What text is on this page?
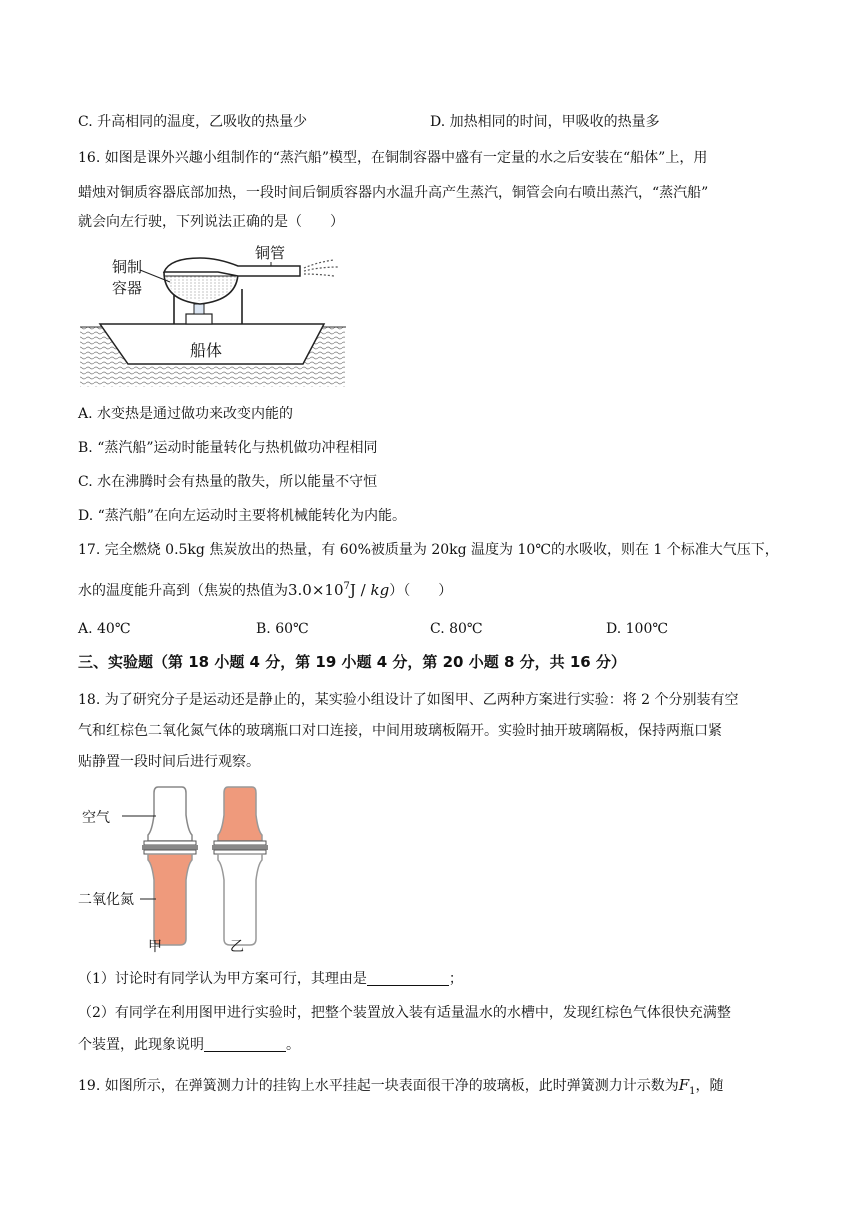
C. 升高相同的温度，乙吸收的热量少	D. 加热相同的时间，甲吸收的热量多
16. 如图是课外兴趣小组制作的“蒸汽船”模型，在铜制容器中盛有一定量的水之后安装在“船体”上，用
蜡烛对铜质容器底部加热，一段时间后铜质容器内水温升高产生蒸汽，铜管会向右喷出蒸汽，“蒸汽船”
就会向左行驶，下列说法正确的是（　　）
铜制
容器
铜管
船体
A. 水变热是通过做功来改变内能的
B. “蒸汽船”运动时能量转化与热机做功冲程相同
C. 水在沸腾时会有热量的散失，所以能量不守恒
D. “蒸汽船”在向左运动时主要将机械能转化为内能。
17. 完全燃烧 0.5kg 焦炭放出的热量，有 60%被质量为 20kg 温度为 10℃的水吸收，则在 1 个标准大气压下，
水的温度能升高到（焦炭的热值为$3.0\times 10^7J / kg$）（　　）
A. 40℃	B. 60℃	C. 80℃	D. 100℃
三、实验题（第 18 小题 4 分，第 19 小题 4 分，第 20 小题 8 分，共 16 分）
18. 为了研究分子是运动还是静止的，某实验小组设计了如图甲、乙两种方案进行实验：将 2 个分别装有空
气和红棕色二氧化氮气体的玻璃瓶口对口连接，中间用玻璃板隔开。实验时抽开玻璃隔板，保持两瓶口紧
贴静置一段时间后进行观察。
空气
二氧化氮
甲	乙
（1）讨论时有同学认为甲方案可行，其理由是	；
（2）有同学在利用图甲进行实验时，把整个装置放入装有适量温水的水槽中，发现红棕色气体很快充满整
个装置，此现象说明	。
19. 如图所示，在弹簧测力计的挂钩上水平挂起一块表面很干净的玻璃板，此时弹簧测力计示数为$F_1$，随
